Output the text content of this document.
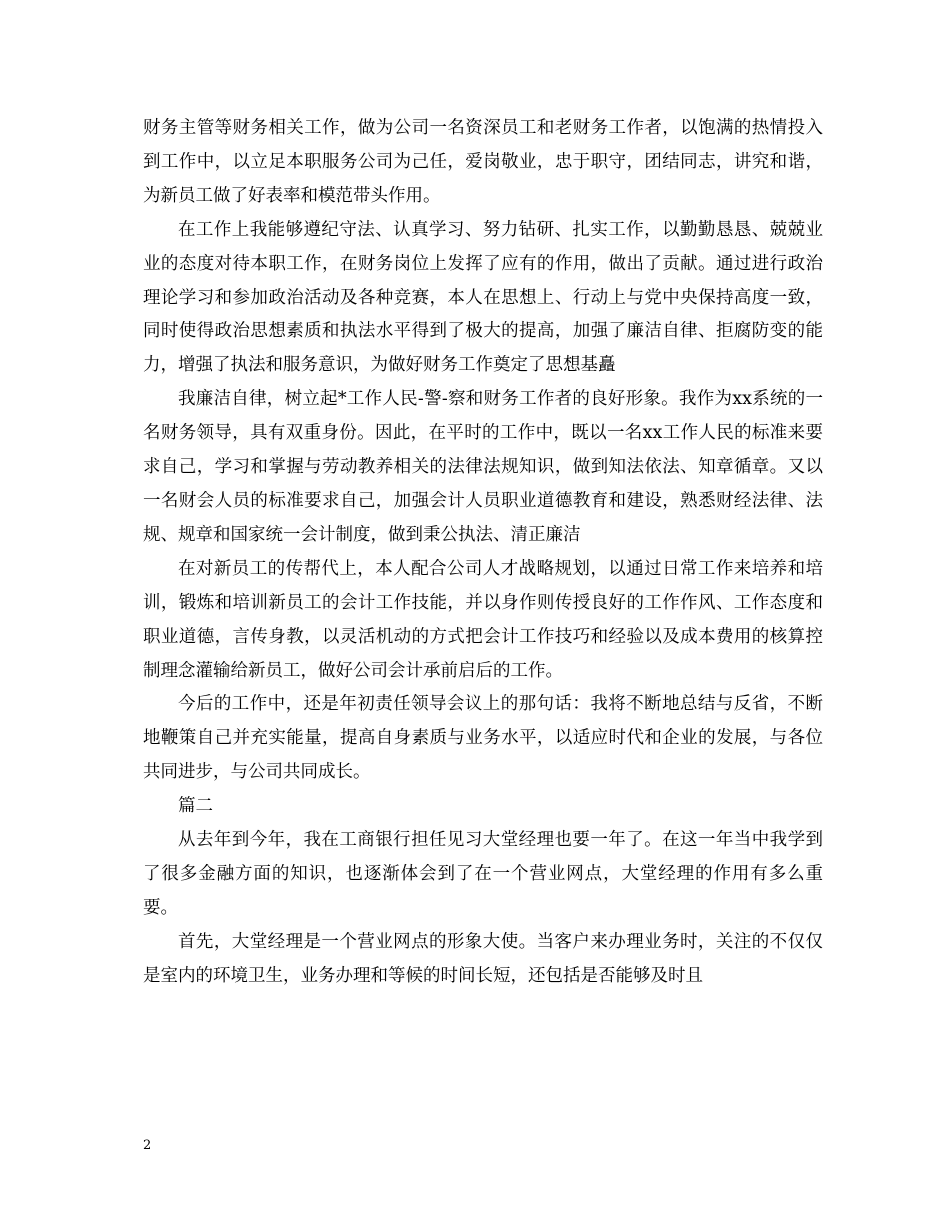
财务主管等财务相关工作，做为公司一名资深员工和老财务工作者，以饱满的热情投入到工作中，以立足本职服务公司为己任，爱岗敬业，忠于职守，团结同志，讲究和谐，为新员工做了好表率和模范带头作用。

在工作上我能够遵纪守法、认真学习、努力钻研、扎实工作，以勤勤恳恳、兢兢业业的态度对待本职工作，在财务岗位上发挥了应有的作用，做出了贡献。通过进行政治理论学习和参加政治活动及各种竞赛，本人在思想上、行动上与党中央保持高度一致，同时使得政治思想素质和执法水平得到了极大的提高，加强了廉洁自律、拒腐防变的能力，增强了执法和服务意识，为做好财务工作奠定了思想基矗

我廉洁自律，树立起*工作人民-警-察和财务工作者的良好形象。我作为xx系统的一名财务领导，具有双重身份。因此，在平时的工作中，既以一名xx工作人民的标准来要求自己，学习和掌握与劳动教养相关的法律法规知识，做到知法依法、知章循章。又以一名财会人员的标准要求自己，加强会计人员职业道德教育和建设，熟悉财经法律、法规、规章和国家统一会计制度，做到秉公执法、清正廉洁

在对新员工的传帮代上，本人配合公司人才战略规划，以通过日常工作来培养和培训，锻炼和培训新员工的会计工作技能，并以身作则传授良好的工作作风、工作态度和职业道德，言传身教，以灵活机动的方式把会计工作技巧和经验以及成本费用的核算控制理念灌输给新员工，做好公司会计承前启后的工作。

今后的工作中，还是年初责任领导会议上的那句话：我将不断地总结与反省，不断地鞭策自己并充实能量，提高自身素质与业务水平，以适应时代和企业的发展，与各位共同进步，与公司共同成长。

篇二

从去年到今年，我在工商银行担任见习大堂经理也要一年了。在这一年当中我学到了很多金融方面的知识，也逐渐体会到了在一个营业网点，大堂经理的作用有多么重要。

首先，大堂经理是一个营业网点的形象大使。当客户来办理业务时，关注的不仅仅是室内的环境卫生，业务办理和等候的时间长短，还包括是否能够及时且

2
